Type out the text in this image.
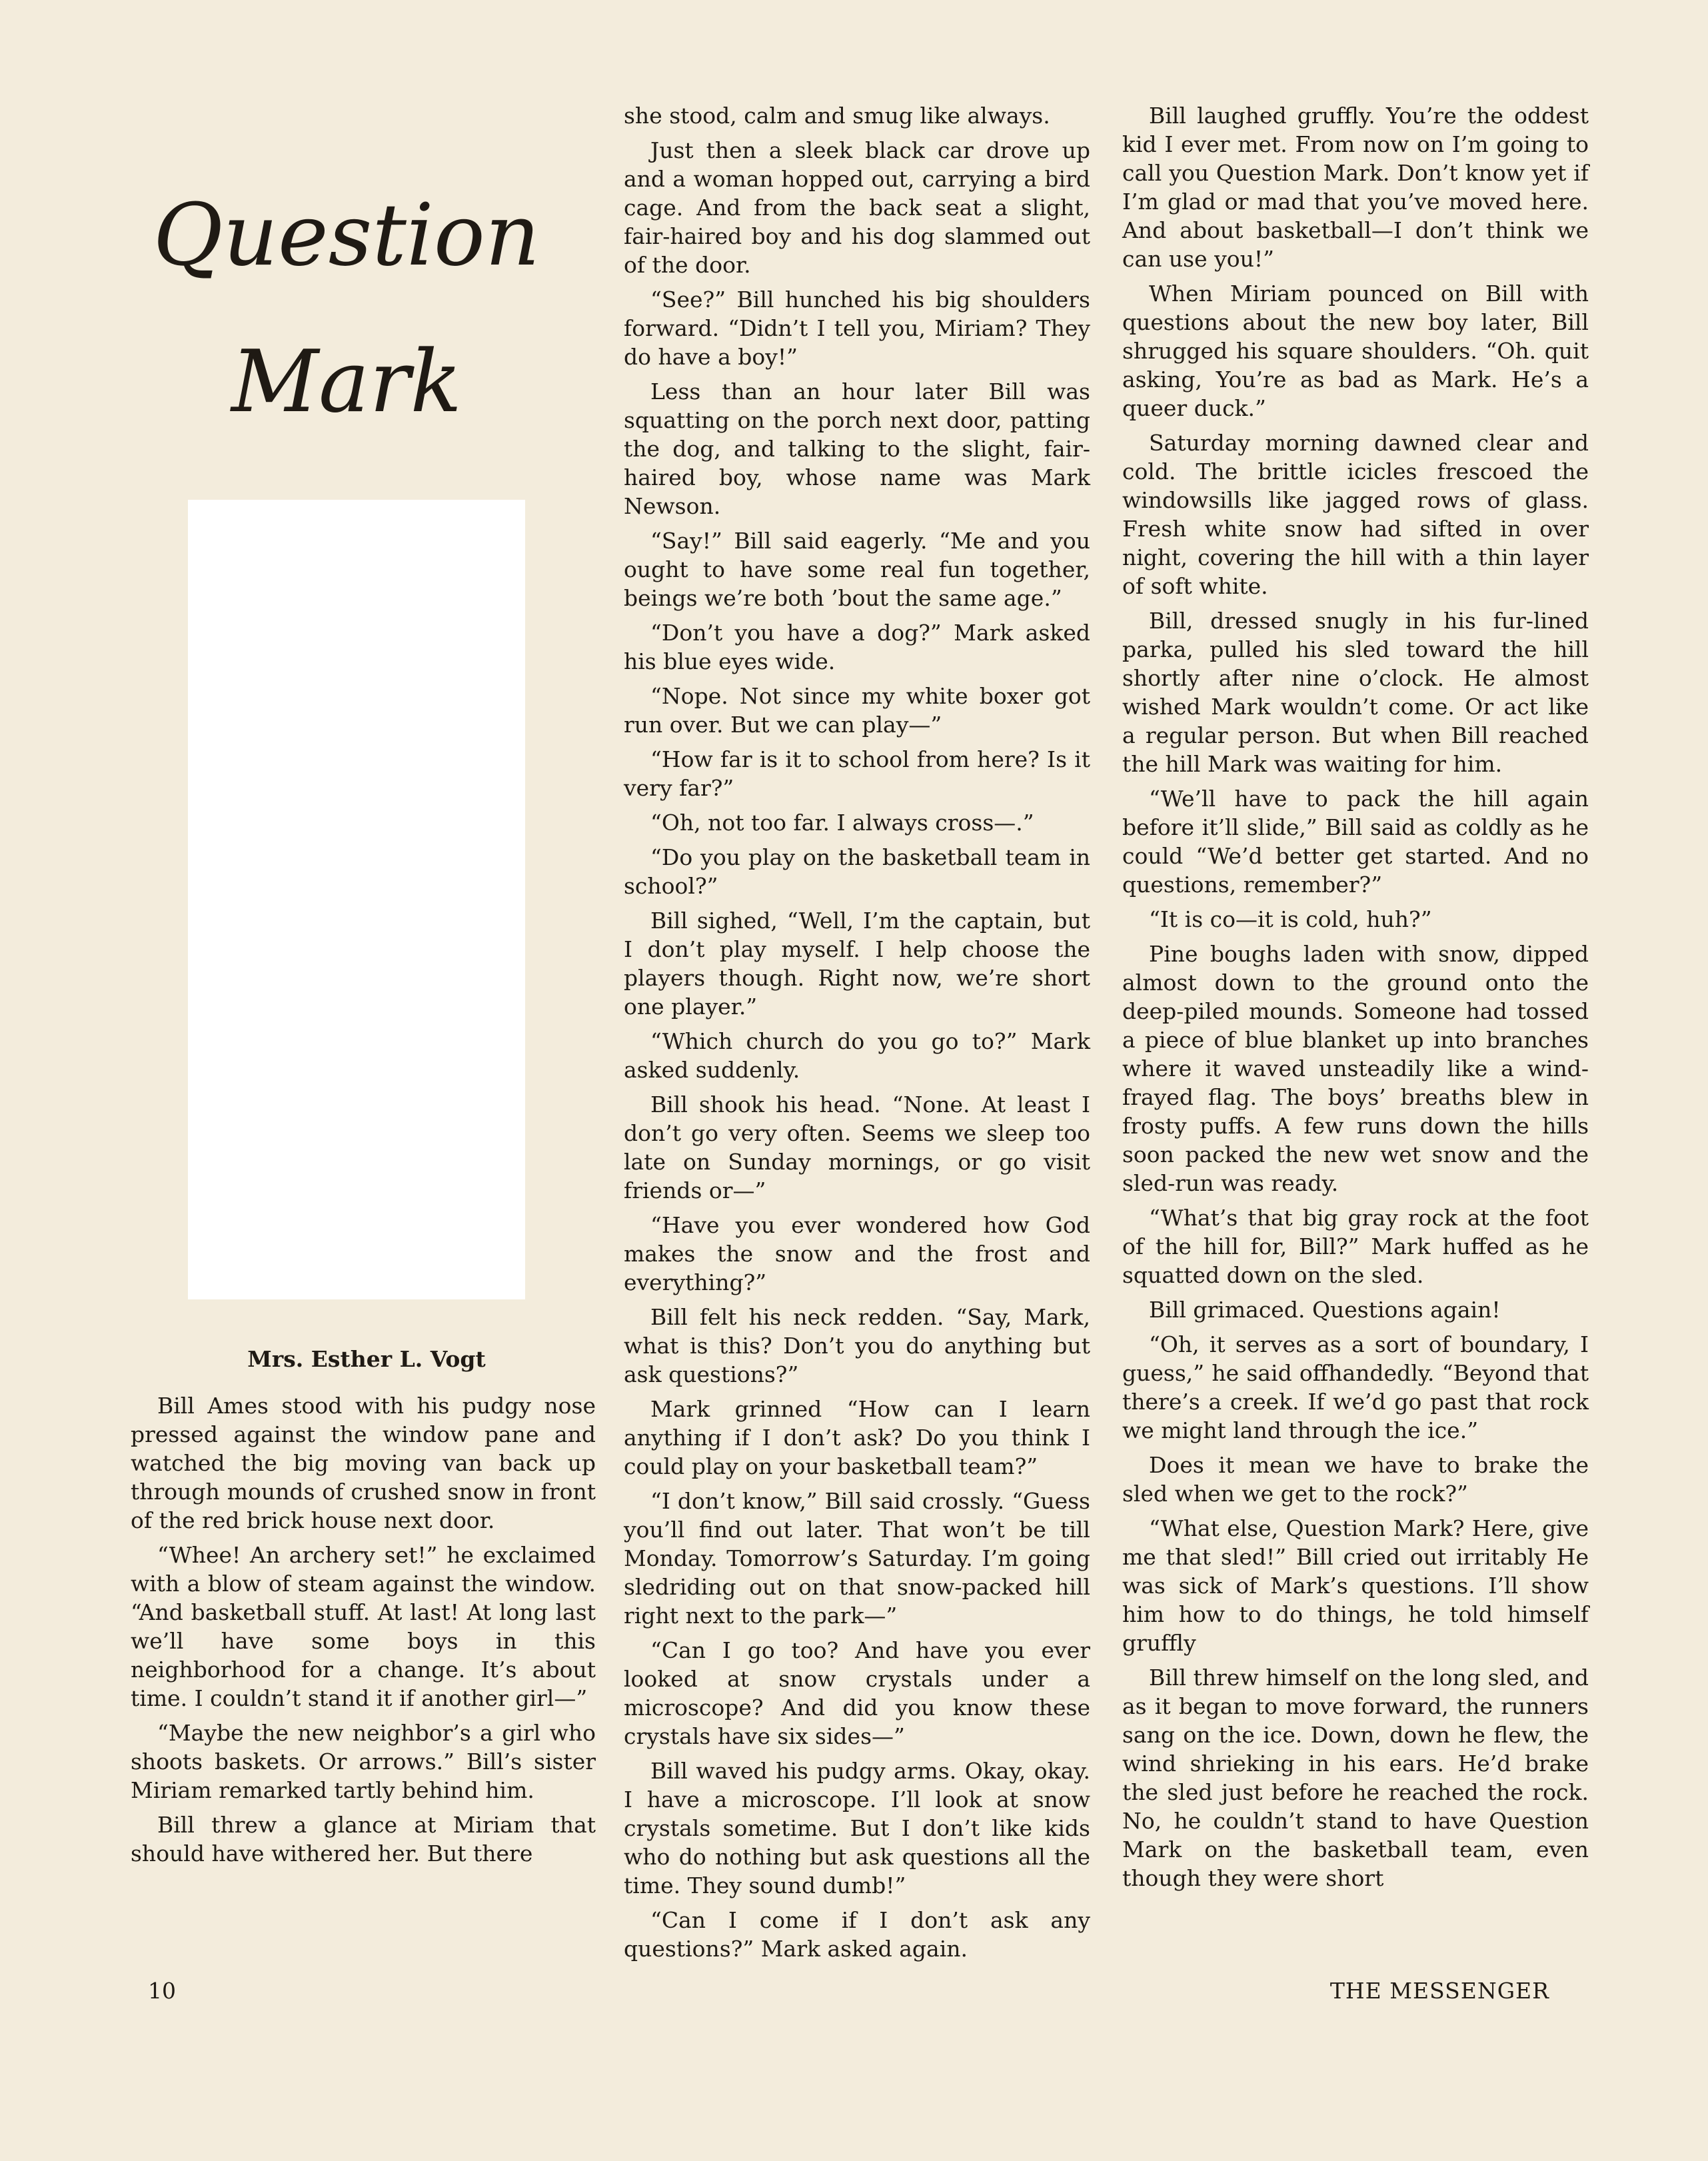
Question
Mark
Mrs. Esther L. Vogt

Bill Ames stood with his pudgy nose pressed against the window pane and watched the big moving van back up through mounds of crushed snow in front of the red brick house next door.

“Whee! An archery set!” he exclaimed with a blow of steam against the window. “And basketball stuff. At last! At long last we’ll have some boys in this neighborhood for a change. It’s about time. I couldn’t stand it if another girl—”

“Maybe the new neighbor’s a girl who shoots baskets. Or arrows.” Bill’s sister Miriam remarked tartly behind him.

Bill threw a glance at Miriam that should have withered her. But there

she stood, calm and smug like always.

Just then a sleek black car drove up and a woman hopped out, carrying a bird cage. And from the back seat a slight, fair-haired boy and his dog slammed out of the door.

“See?” Bill hunched his big shoulders forward. “Didn’t I tell you, Miriam? They do have a boy!”

Less than an hour later Bill was squatting on the porch next door, patting the dog, and talking to the slight, fair-haired boy, whose name was Mark Newson.

“Say!” Bill said eagerly. “Me and you ought to have some real fun together, beings we’re both ’bout the same age.”

“Don’t you have a dog?” Mark asked his blue eyes wide.

“Nope. Not since my white boxer got run over. But we can play—”

“How far is it to school from here? Is it very far?”

“Oh, not too far. I always cross—.”

“Do you play on the basketball team in school?”

Bill sighed, “Well, I’m the captain, but I don’t play myself. I help choose the players though. Right now, we’re short one player.”

“Which church do you go to?” Mark asked suddenly.

Bill shook his head. “None. At least I don’t go very often. Seems we sleep too late on Sunday mornings, or go visit friends or—”

“Have you ever wondered how God makes the snow and the frost and everything?”

Bill felt his neck redden. “Say, Mark, what is this? Don’t you do anything but ask questions?”

Mark grinned “How can I learn anything if I don’t ask? Do you think I could play on your basketball team?”

“I don’t know,” Bill said crossly. “Guess you’ll find out later. That won’t be till Monday. Tomorrow’s Saturday. I’m going sledriding out on that snow-packed hill right next to the park—”

“Can I go too? And have you ever looked at snow crystals under a microscope? And did you know these crystals have six sides—”

Bill waved his pudgy arms. Okay, okay. I have a microscope. I’ll look at snow crystals sometime. But I don’t like kids who do nothing but ask questions all the time. They sound dumb!”

“Can I come if I don’t ask any questions?” Mark asked again.

Bill laughed gruffly. You’re the oddest kid I ever met. From now on I’m going to call you Question Mark. Don’t know yet if I’m glad or mad that you’ve moved here. And about basketball—I don’t think we can use you!”

When Miriam pounced on Bill with questions about the new boy later, Bill shrugged his square shoulders. “Oh. quit asking, You’re as bad as Mark. He’s a queer duck.”

Saturday morning dawned clear and cold. The brittle icicles frescoed the windowsills like jagged rows of glass. Fresh white snow had sifted in over night, covering the hill with a thin layer of soft white.

Bill, dressed snugly in his fur-lined parka, pulled his sled toward the hill shortly after nine o’clock. He almost wished Mark wouldn’t come. Or act like a regular person. But when Bill reached the hill Mark was waiting for him.

“We’ll have to pack the hill again before it’ll slide,” Bill said as coldly as he could “We’d better get started. And no questions, remember?”

“It is co—it is cold, huh?”

Pine boughs laden with snow, dipped almost down to the ground onto the deep-piled mounds. Someone had tossed a piece of blue blanket up into branches where it waved unsteadily like a wind-frayed flag. The boys’ breaths blew in frosty puffs. A few runs down the hills soon packed the new wet snow and the sled-run was ready.

“What’s that big gray rock at the foot of the hill for, Bill?” Mark huffed as he squatted down on the sled.

Bill grimaced. Questions again!

“Oh, it serves as a sort of boundary, I guess,” he said offhandedly. “Beyond that there’s a creek. If we’d go past that rock we might land through the ice.”

Does it mean we have to brake the sled when we get to the rock?”

“What else, Question Mark? Here, give me that sled!” Bill cried out irritably He was sick of Mark’s questions. I’ll show him how to do things, he told himself gruffly

Bill threw himself on the long sled, and as it began to move forward, the runners sang on the ice. Down, down he flew, the wind shrieking in his ears. He’d brake the sled just before he reached the rock. No, he couldn’t stand to have Question Mark on the basketball team, even though they were short

10	THE MESSENGER
